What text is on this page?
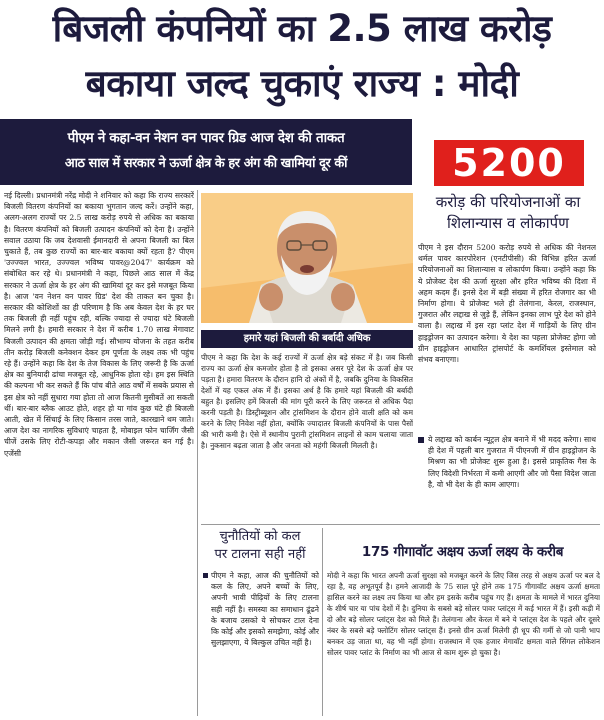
बिजली कंपनियों का 2.5 लाख करोड़
बकाया जल्द चुकाएं राज्य : मोदी
पीएम ने कहा-वन नेशन वन पावर ग्रिड आज देश की ताकत
आठ साल में सरकार ने ऊर्जा क्षेत्र के हर अंग की खामियां दूर कीं	5200
करोड़ की परियोजनाओं का
शिलान्यास व लोकार्पण
पीएम ने इस दौरान 5200 करोड़ रुपये से अधिक की नेशनल थर्मल पावर कारपोरेशन (एनटीपीसी) की विभिन्न हरित ऊर्जा परियोजनाओं का शिलान्यास व लोकार्पण किया। उन्होंने कहा कि ये प्रोजेक्ट देश की ऊर्जा सुरक्षा और हरित भविष्य की दिशा में अहम कदम हैं। इनसे देश में बड़ी संख्या में हरित रोजगार का भी निर्माण होगा। ये प्रोजेक्ट भले ही तेलंगाना, केरल, राजस्थान, गुजरात और लद्दाख से जुड़े हैं, लेकिन इनका लाभ पूरे देश को होने वाला है। लद्दाख में इस रहा प्लांट देश में गाड़ियों के लिए ग्रीन हाइड्रोजन का उत्पादन करेगा। ये देश का पहला प्रोजेक्ट होगा जो ग्रीन हाइड्रोजन आधारित ट्रांसपोर्ट के कमर्शियल इस्तेमाल को संभव बनाएगा।
ये लद्दाख को कार्बन न्यूट्रल क्षेत्र बनाने में भी मदद करेगा। साथ ही देश में पहली बार गुजरात में पीएनजी में ग्रीन हाइड्रोजन के मिश्रण का भी प्रोजेक्ट शुरू हुआ है। इससे प्राकृतिक गैस के लिए विदेशी निर्भरता में कमी आएगी और जो पैसा विदेश जाता है, वो भी देश के ही काम आएगा।
नई दिल्ली। प्रधानमंत्री नरेंद्र मोदी ने शनिवार को कहा कि राज्य सरकारें बिजली वितरण कंपनियों का बकाया भुगतान जल्द करें। उन्होंने कहा, अलग-अलग राज्यों पर 2.5 लाख करोड़ रुपये से अधिक का बकाया है। वितरण कंपनियों को बिजली उत्पादन कंपनियों को देना है। उन्होंने सवाल उठाया कि जब देशवासी ईमानदारी से अपना बिजली का बिल चुकाते हैं, तब कुछ राज्यों का बार-बार बकाया क्यों रहता है? पीएम 'उज्ज्वल भारत, उज्ज्वल भविष्य पावर@2047' कार्यक्रम को संबोधित कर रहे थे। प्रधानमंत्री ने कहा, पिछले आठ साल में केंद्र सरकार ने ऊर्जा क्षेत्र के हर अंग की खामियां दूर कर इसे मजबूत किया है। आज 'वन नेशन वन पावर ग्रिड' देश की ताकत बन चुका है। सरकार की कोशिशों का ही परिणाम है कि अब केवल देश के हर घर तक बिजली ही नहीं पहुंच रही, बल्कि ज्यादा से ज्यादा घंटे बिजली मिलने लगी है। हमारी सरकार ने देश में करीब 1.70 लाख मेगावाट बिजली उत्पादन की क्षमता जोड़ी गई। सौभाग्य योजना के तहत करीब तीन करोड़ बिजली कनेक्शन देकर हम पूर्णता के लक्ष्य तक भी पहुंच रहे हैं। उन्होंने कहा कि देश के तेज विकास के लिए जरूरी है कि ऊर्जा क्षेत्र का बुनियादी ढांचा मजबूत रहे, आधुनिक होता रहे। हम इस स्थिति की कल्पना भी कर सकते हैं कि पांच बीते आठ वर्षों में सबके प्रयास से इस क्षेत्र को नहीं सुधारा गया होता तो आज कितनी मुसीबतें आ सकती थीं। बार-बार ब्लैक आउट होते, शहर हो या गांव कुछ घंटे ही बिजली आती, खेत में सिंचाई के लिए किसान तरस जाते, कारखाने थम जाते। आज देश का नागरिक सुविधाएं चाहता है, मोबाइल फोन चार्जिंग जैसी चीजें उसके लिए रोटी-कपड़ा और मकान जैसी जरूरत बन गई है। एजेंसी
हमारे यहां बिजली की बर्बादी अधिक
पीएम ने कहा कि देश के कई राज्यों में ऊर्जा क्षेत्र बड़े संकट में है। जब किसी राज्य का ऊर्जा क्षेत्र कमजोर होता है तो इसका असर पूरे देश के ऊर्जा क्षेत्र पर पड़ता है। हमारा वितरण के दौरान हानि दो अंकों में है, जबकि दुनिया के विकसित देशों में यह एकल अंक में हैं। इसका अर्थ है कि हमारे यहां बिजली की बर्बादी बहुत है। इसलिए हमें बिजली की मांग पूरी करने के लिए जरूरत से अधिक पैदा करनी पड़ती है। डिस्ट्रीब्यूशन और ट्रांसमिशन के दौरान होने वाली क्षति को कम करने के लिए निवेश नहीं होता, क्योंकि ज्यादातर बिजली कंपनियों के पास पैसों की भारी कमी है। ऐसे में स्थानीय पुरानी ट्रांसमिशन लाइनों से काम चलाया जाता है। नुकसान बढ़ता जाता है और जनता को महंगी बिजली मिलती है।
चुनौतियों को कल
पर टालना सही नहीं
पीएम ने कहा, आज की चुनौतियों को कल के लिए, अपने बच्चों के लिए, अपनी भावी पीढ़ियों के लिए टालना सही नहीं है। समस्या का समाधान ढूंढने के बजाय उसको ये सोचकर टाल देना कि कोई और इसको समझेगा, कोई और सुलझाएगा, ये बिल्कुल उचित नहीं है।
175 गीगावॉट अक्षय ऊर्जा लक्ष्य के करीब
मोदी ने कहा कि भारत अपनी ऊर्जा सुरक्षा को मजबूत करने के लिए जिस तरह से अक्षय ऊर्जा पर बल दे रहा है, वह अभूतपूर्व है। हमने आजादी के 75 साल पूरे होने तक 175 गीगावॉट अक्षय ऊर्जा क्षमता हासिल करने का लक्ष्य तय किया था और हम इसके करीब पहुंच गए हैं। क्षमता के मामले में भारत दुनिया के शीर्ष चार या पांच देशों में है। दुनिया के सबसे बड़े सोलर पावर प्लांट्स में कई भारत में हैं। इसी कड़ी में दो और बड़े सोलर प्लांट्स देश को मिले हैं। तेलंगाना और केरल में बने ये प्लांट्स देश के पहले और दूसरे नंबर के सबसे बड़े फ्लोटिंग सोलर प्लांट्स हैं। इनसे ग्रीन ऊर्जा मिलेगी ही धूप की गर्मी से जो पानी भाप बनकर उड़ जाता था, वह भी नहीं होगा। राजस्थान में एक हजार मेगावॉट क्षमता वाले सिंगल लोकेशन सोलर पावर प्लांट के निर्माण का भी आज से काम शुरू हो चुका है।
